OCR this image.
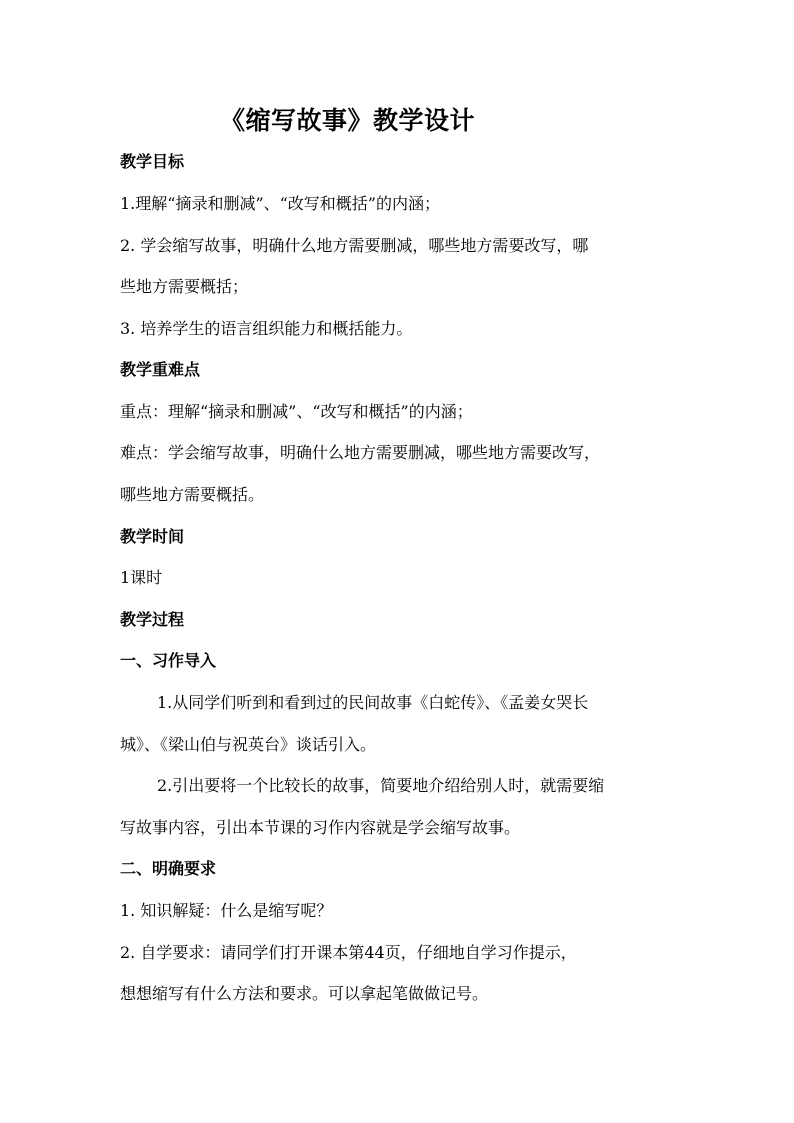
《缩写故事》教学设计
教学目标
1.理解“摘录和删减”、“改写和概括”的内涵；
2. 学会缩写故事，明确什么地方需要删减，哪些地方需要改写，哪
些地方需要概括；
3. 培养学生的语言组织能力和概括能力。
教学重难点
重点：理解“摘录和删减”、“改写和概括”的内涵；
难点：学会缩写故事，明确什么地方需要删减，哪些地方需要改写，
哪些地方需要概括。
教学时间
1课时
教学过程
一、习作导入
1.从同学们听到和看到过的民间故事《白蛇传》、《孟姜女哭长
城》、《梁山伯与祝英台》谈话引入。
2.引出要将一个比较长的故事，简要地介绍给别人时，就需要缩
写故事内容，引出本节课的习作内容就是学会缩写故事。
二、明确要求
1. 知识解疑：什么是缩写呢？
2. 自学要求：请同学们打开课本第44页，仔细地自学习作提示，
想想缩写有什么方法和要求。可以拿起笔做做记号。
